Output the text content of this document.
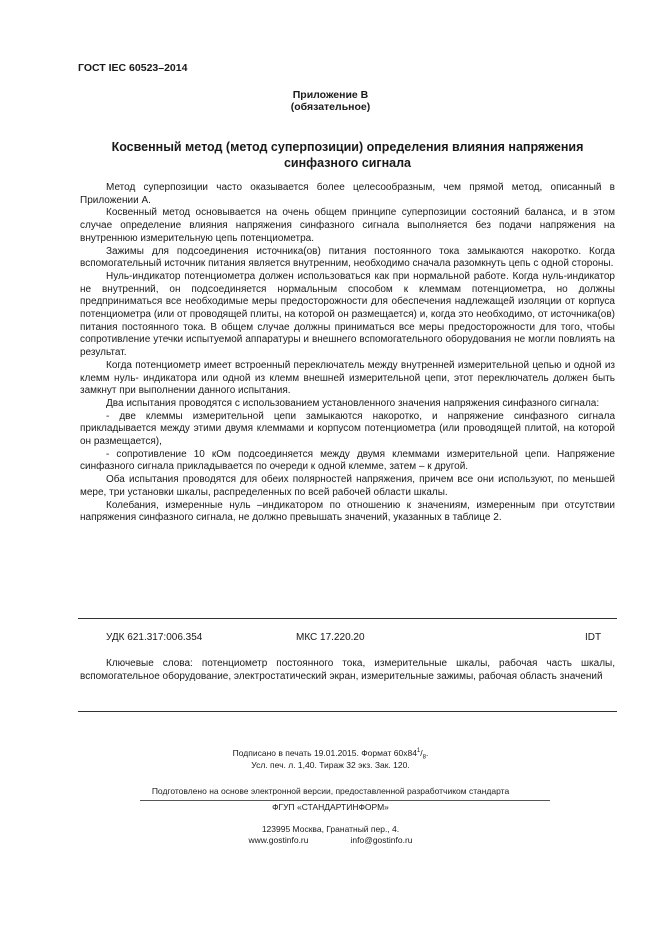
ГОСТ IEC 60523–2014
Приложение В
(обязательное)
Косвенный метод (метод суперпозиции) определения влияния напряжения
синфазного сигнала

Метод суперпозиции часто оказывается более целесообразным, чем прямой метод, описанный в Приложении А.

Косвенный метод основывается на очень общем принципе суперпозиции состояний баланса, и в этом случае определение влияния напряжения синфазного сигнала выполняется без подачи напряжения на внутреннюю измерительную цепь потенциометра.

Зажимы для подсоединения источника(ов) питания постоянного тока замыкаются накоротко. Когда вспомогательный источник питания является внутренним, необходимо сначала разомкнуть цепь с одной стороны.

Нуль-индикатор потенциометра должен использоваться как при нормальной работе. Когда нуль-индикатор не внутренний, он подсоединяется нормальным способом к клеммам потенциометра, но должны предприниматься все необходимые меры предосторожности для обеспечения надлежащей изоляции от корпуса потенциометра (или от проводящей плиты, на которой он размещается) и, когда это необходимо, от источника(ов) питания постоянного тока. В общем случае должны приниматься все меры предосторожности для того, чтобы сопротивление утечки испытуемой аппаратуры и внешнего вспомогательного оборудования не могли повлиять на результат.

Когда потенциометр имеет встроенный переключатель между внутренней измерительной цепью и одной из клемм нуль- индикатора или одной из клемм внешней измерительной цепи, этот переключатель должен быть замкнут при выполнении данного испытания.

Два испытания проводятся с использованием установленного значения напряжения синфазного сигнала:

- две клеммы измерительной цепи замыкаются накоротко, и напряжение синфазного сигнала прикладывается между этими двумя клеммами и корпусом потенциометра (или проводящей плитой, на которой он размещается),

- сопротивление 10 кОм подсоединяется между двумя клеммами измерительной цепи. Напряжение синфазного сигнала прикладывается по очереди к одной клемме, затем – к другой.

Оба испытания проводятся для обеих полярностей напряжения, причем все они используют, по меньшей мере, три установки шкалы, распределенных по всей рабочей области шкалы.

Колебания, измеренные нуль –индикатором по отношению к значениям, измеренным при отсутствии напряжения синфазного сигнала, не должно превышать значений, указанных в таблице 2.

УДК 621.317:006.354	МКС 17.220.20	IDT
Ключевые слова: потенциометр постоянного тока, измерительные шкалы, рабочая часть шкалы, вспомогательное оборудование, электростатический экран, измерительные зажимы, рабочая область значений
Подписано в печать 19.01.2015. Формат $60х84^1/_8$.
Усл. печ. л. 1,40. Тираж 32 экз. Зак. 120.
Подготовлено на основе электронной версии, предоставленной разработчиком стандарта
ФГУП «СТАНДАРТИНФОРМ»
123995 Москва, Гранатный пер., 4.
www.gostinfo.ru	info@gostinfo.ru
